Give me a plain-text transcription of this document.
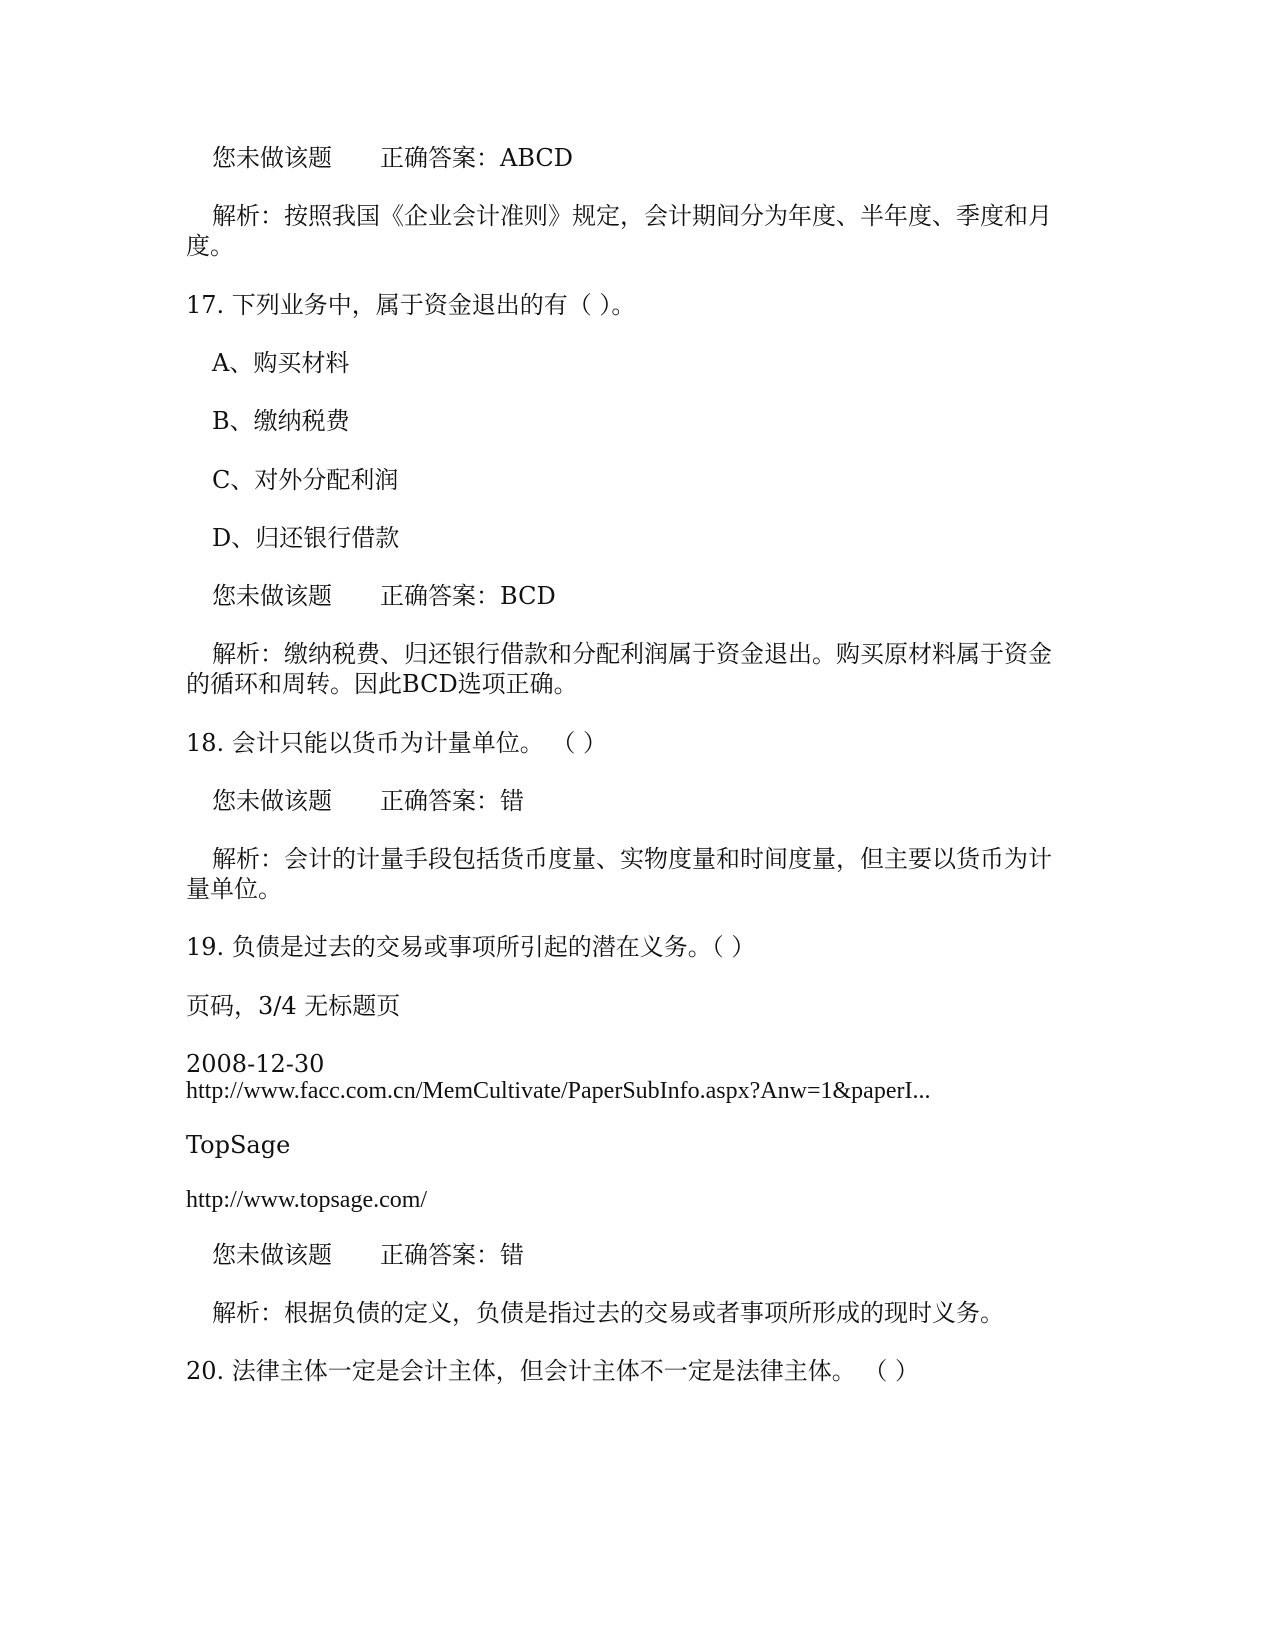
您未做该题 正确答案：ABCD
解析：按照我国《企业会计准则》规定，会计期间分为年度、半年度、季度和月
度。
17. 下列业务中，属于资金退出的有（ ）。
A、购买材料
B、缴纳税费
C、对外分配利润
D、归还银行借款
您未做该题 正确答案：BCD
解析：缴纳税费、归还银行借款和分配利润属于资金退出。购买原材料属于资金
的循环和周转。因此BCD选项正确。
18. 会计只能以货币为计量单位。 （ ）
您未做该题 正确答案：错
解析：会计的计量手段包括货币度量、实物度量和时间度量，但主要以货币为计
量单位。
19. 负债是过去的交易或事项所引起的潜在义务。（ ）
页码，3/4 无标题页
2008-12-30
http://www.facc.com.cn/MemCultivate/PaperSubInfo.aspx?Anw=1&paperI...
TopSage
http://www.topsage.com/
您未做该题 正确答案：错
解析：根据负债的定义，负债是指过去的交易或者事项所形成的现时义务。
20. 法律主体一定是会计主体，但会计主体不一定是法律主体。 （ ）
